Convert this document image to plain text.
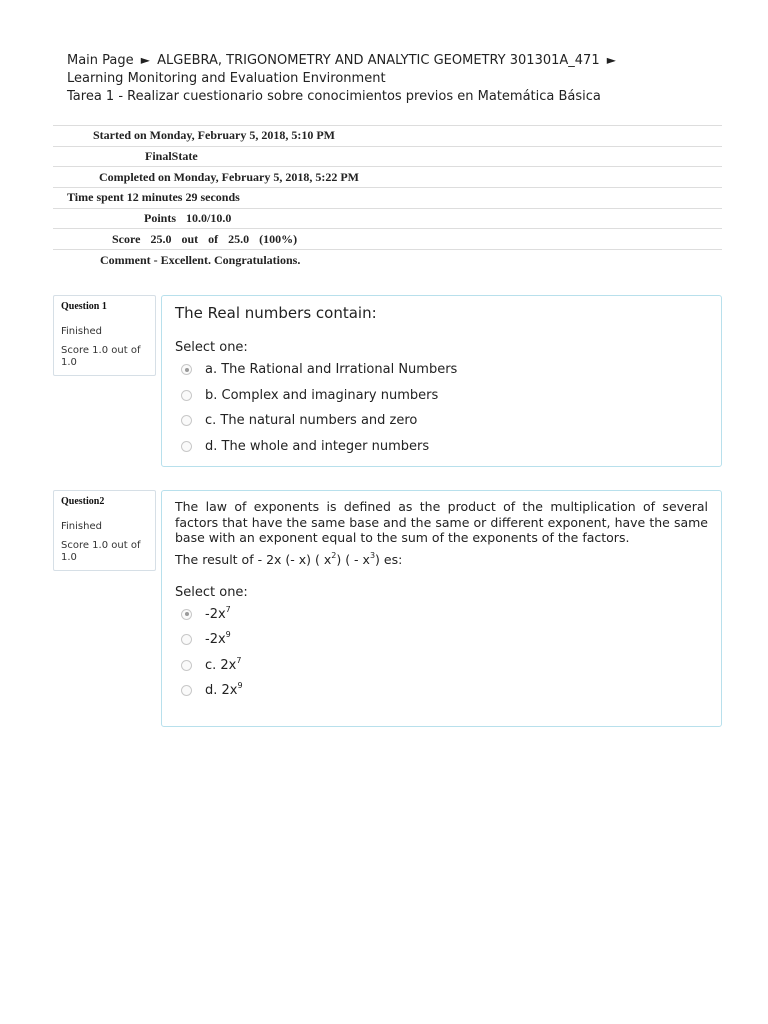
Main Page ► ALGEBRA, TRIGONOMETRY AND ANALYTIC GEOMETRY 301301A_471 ►
Learning Monitoring and Evaluation Environment
Tarea 1 - Realizar cuestionario sobre conocimientos previos en Matemática Básica
Started on
Monday, February 5, 2018, 5:10 PM
Final State
Completed on
Monday, February 5, 2018, 5:22 PM
Time spent
12 minutes 29 seconds
Points 10.0/10.0
Score 25.0 out of 25.0 (100%)
Comment -
Excellent. Congratulations.
Question 1
Finished
Score 1.0 out of 1.0
The Real numbers contain:
Select one:
a. The Rational and Irrational Numbers
b. Complex and imaginary numbers
c. The natural numbers and zero
d. The whole and integer numbers
Question2
Finished
Score 1.0 out of 1.0
The law of exponents is defined as the product of the multiplication of several factors that have the same base and the same or different exponent, have the same base with an exponent equal to the sum of the exponents of the factors.
The result of - 2x (- x) ( $x^2$) ( - $x^3$) es:
Select one:
$-2x^7$
$-2x^9$
c. $2x^7$
d. $2x^9$
